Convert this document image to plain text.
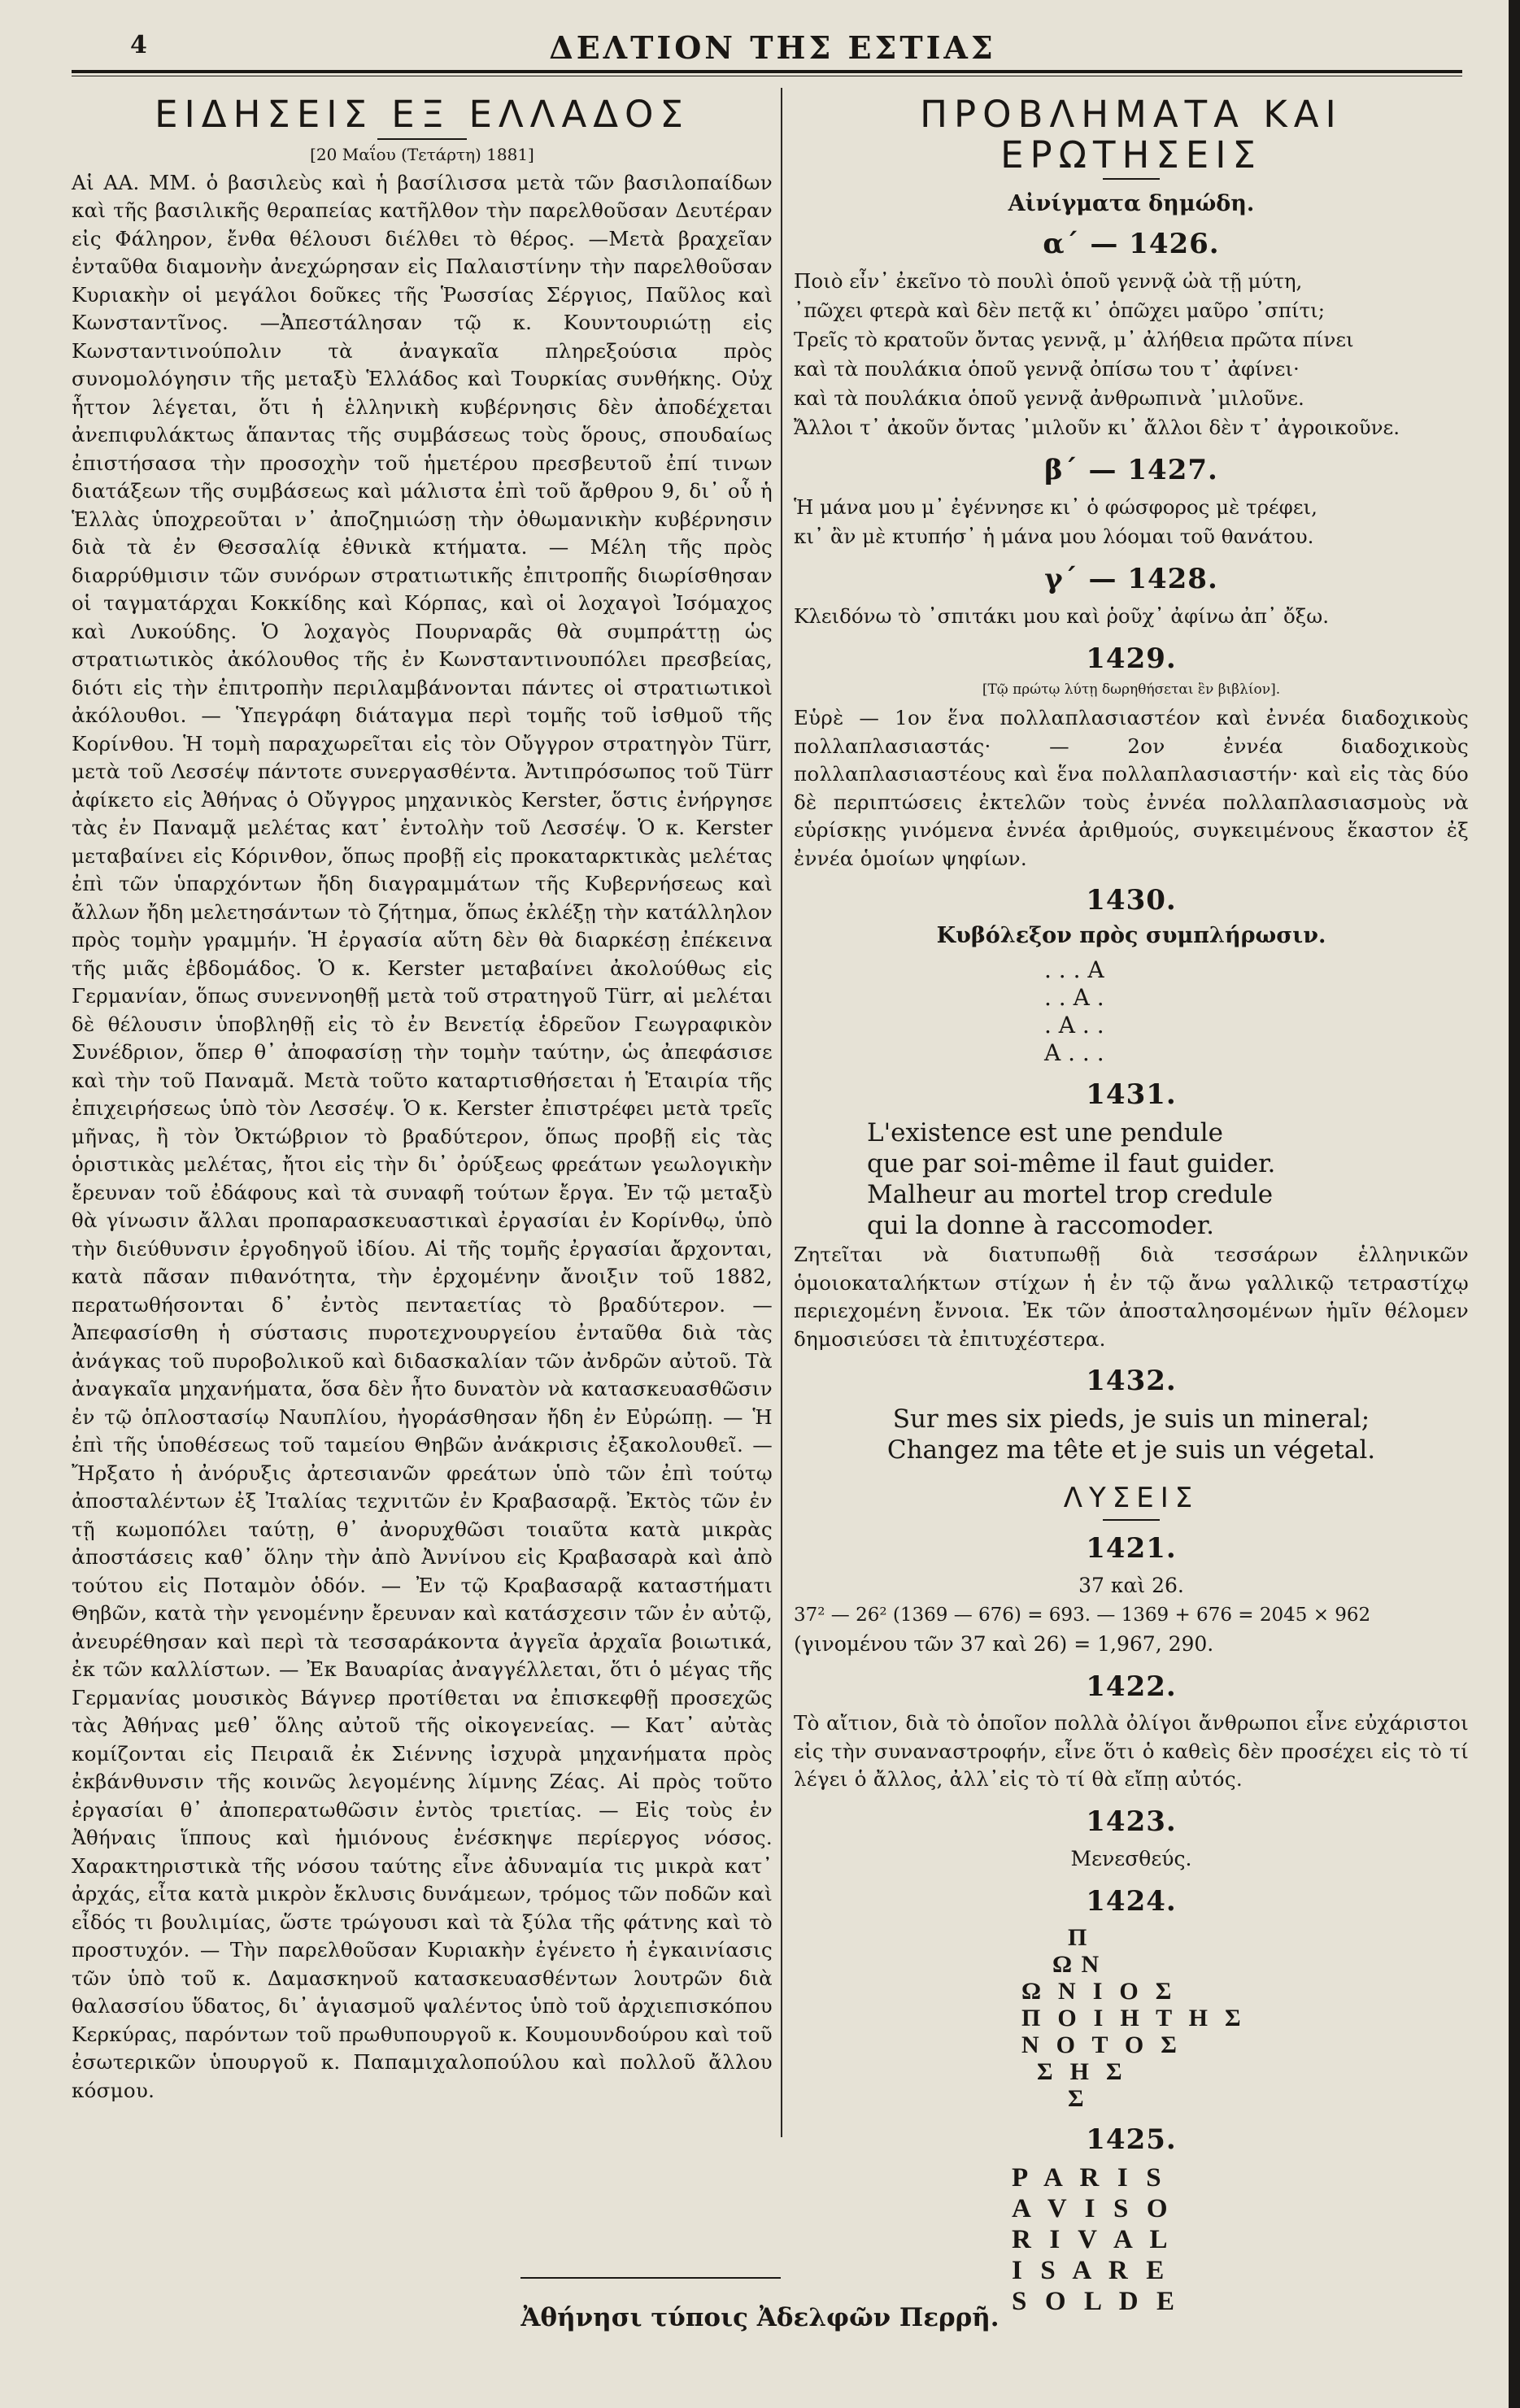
4	ΔΕΛΤΙΟΝ ΤΗΣ ΕΣΤΙΑΣ
ΕΙΔΗΣΕΙΣ ΕΞ ΕΛΛΑΔΟΣ
[20 Μαΐου (Τετάρτη) 1881]
Αἱ ΑΑ. ΜΜ. ὁ βασιλεὺς καὶ ἡ βασίλισσα μετὰ τῶν βασιλοπαίδων καὶ τῆς βασιλικῆς θεραπείας κατῆλθον τὴν παρελθοῦσαν Δευτέραν εἰς Φάληρον, ἔνθα θέλουσι διέλθει τὸ θέρος. —Μετὰ βραχεῖαν ἐνταῦθα διαμονὴν ἀνεχώρησαν εἰς Παλαιστίνην τὴν παρελθοῦσαν Κυριακὴν οἱ μεγάλοι δοῦκες τῆς Ῥωσσίας Σέργιος, Παῦλος καὶ Κωνσταντῖνος. —Ἀπεστάλησαν τῷ κ. Κουντουριώτῃ εἰς Κωνσταντινούπολιν τὰ ἀναγκαῖα πληρεξούσια πρὸς συνομολόγησιν τῆς μεταξὺ Ἑλλάδος καὶ Τουρκίας συνθήκης. Οὐχ ἧττον λέγεται, ὅτι ἡ ἑλληνικὴ κυβέρνησις δὲν ἀποδέχεται ἀνεπιφυλάκτως ἅπαντας τῆς συμβάσεως τοὺς ὅρους, σπουδαίως ἐπιστήσασα τὴν προσοχὴν τοῦ ἡμετέρου πρεσβευτοῦ ἐπί τινων διατάξεων τῆς συμβάσεως καὶ μάλιστα ἐπὶ τοῦ ἄρθρου 9, δι᾽ οὗ ἡ Ἑλλὰς ὑποχρεοῦται ν᾽ ἀποζημιώσῃ τὴν ὀθωμανικὴν κυβέρνησιν διὰ τὰ ἐν Θεσσαλίᾳ ἐθνικὰ κτήματα. — Μέλη τῆς πρὸς διαρρύθμισιν τῶν συνόρων στρατιωτικῆς ἐπιτροπῆς διωρίσθησαν οἱ ταγματάρχαι Κοκκίδης καὶ Κόρπας, καὶ οἱ λοχαγοὶ Ἰσόμαχος καὶ Λυκούδης. Ὁ λοχαγὸς Πουρναρᾶς θὰ συμπράττῃ ὡς στρατιωτικὸς ἀκόλουθος τῆς ἐν Κωνσταντινουπόλει πρεσβείας, διότι εἰς τὴν ἐπιτροπὴν περιλαμβάνονται πάντες οἱ στρατιωτικοὶ ἀκόλουθοι. — Ὑπεγράφη διάταγμα περὶ τομῆς τοῦ ἰσθμοῦ τῆς Κορίνθου. Ἡ τομὴ παραχωρεῖται εἰς τὸν Οὔγγρον στρατηγὸν Türr, μετὰ τοῦ Λεσσέψ πάντοτε συνεργασθέντα. Ἀντιπρόσωπος τοῦ Türr ἀφίκετο εἰς Ἀθήνας ὁ Οὔγγρος μηχανικὸς Kerster, ὅστις ἐνήργησε τὰς ἐν Παναμᾷ μελέτας κατ᾽ ἐντολὴν τοῦ Λεσσέψ. Ὁ κ. Kerster μεταβαίνει εἰς Κόρινθον, ὅπως προβῇ εἰς προκαταρκτικὰς μελέτας ἐπὶ τῶν ὑπαρχόντων ἤδη διαγραμμάτων τῆς Κυβερνήσεως καὶ ἄλλων ἤδη μελετησάντων τὸ ζήτημα, ὅπως ἐκλέξῃ τὴν κατάλληλον πρὸς τομὴν γραμμήν. Ἡ ἐργασία αὕτη δὲν θὰ διαρκέσῃ ἐπέκεινα τῆς μιᾶς ἑβδομάδος. Ὁ κ. Kerster μεταβαίνει ἀκολούθως εἰς Γερμανίαν, ὅπως συνεννοηθῇ μετὰ τοῦ στρατηγοῦ Türr, αἱ μελέται δὲ θέλουσιν ὑποβληθῇ εἰς τὸ ἐν Βενετίᾳ ἑδρεῦον Γεωγραφικὸν Συνέδριον, ὅπερ θ᾽ ἀποφασίσῃ τὴν τομὴν ταύτην, ὡς ἀπεφάσισε καὶ τὴν τοῦ Παναμᾶ. Μετὰ τοῦτο καταρτισθήσεται ἡ Ἑταιρία τῆς ἐπιχειρήσεως ὑπὸ τὸν Λεσσέψ. Ὁ κ. Kerster ἐπιστρέφει μετὰ τρεῖς μῆνας, ἢ τὸν Ὀκτώβριον τὸ βραδύτερον, ὅπως προβῇ εἰς τὰς ὁριστικὰς μελέτας, ἤτοι εἰς τὴν δι᾽ ὀρύξεως φρεάτων γεωλογικὴν ἔρευναν τοῦ ἐδάφους καὶ τὰ συναφῆ τούτων ἔργα. Ἐν τῷ μεταξὺ θὰ γίνωσιν ἄλλαι προπαρασκευαστικαὶ ἐργασίαι ἐν Κορίνθῳ, ὑπὸ τὴν διεύθυνσιν ἐργοδηγοῦ ἰδίου. Αἱ τῆς τομῆς ἐργασίαι ἄρχονται, κατὰ πᾶσαν πιθανότητα, τὴν ἐρχομένην ἄνοιξιν τοῦ 1882, περατωθήσονται δ᾽ ἐντὸς πενταετίας τὸ βραδύτερον. — Ἀπεφασίσθη ἡ σύστασις πυροτεχνουργείου ἐνταῦθα διὰ τὰς ἀνάγκας τοῦ πυροβολικοῦ καὶ διδασκαλίαν τῶν ἀνδρῶν αὐτοῦ. Τὰ ἀναγκαῖα μηχανήματα, ὅσα δὲν ἦτο δυνατὸν νὰ κατασκευασθῶσιν ἐν τῷ ὁπλοστασίῳ Ναυπλίου, ἠγοράσθησαν ἤδη ἐν Εὐρώπῃ. — Ἡ ἐπὶ τῆς ὑποθέσεως τοῦ ταμείου Θηβῶν ἀνάκρισις ἐξακολουθεῖ. — Ἤρξατο ἡ ἀνόρυξις ἀρτεσιανῶν φρεάτων ὑπὸ τῶν ἐπὶ τούτῳ ἀποσταλέντων ἐξ Ἰταλίας τεχνιτῶν ἐν Κραβασαρᾷ. Ἐκτὸς τῶν ἐν τῇ κωμοπόλει ταύτῃ, θ᾽ ἀνορυχθῶσι τοιαῦτα κατὰ μικρὰς ἀποστάσεις καθ᾽ ὅλην τὴν ἀπὸ Ἀννίνου εἰς Κραβασαρὰ καὶ ἀπὸ τούτου εἰς Ποταμὸν ὁδόν. — Ἐν τῷ Κραβασαρᾷ καταστήματι Θηβῶν, κατὰ τὴν γενομένην ἔρευναν καὶ κατάσχεσιν τῶν ἐν αὐτῷ, ἀνευρέθησαν καὶ περὶ τὰ τεσσαράκοντα ἀγγεῖα ἀρχαῖα βοιωτικά, ἐκ τῶν καλλίστων. — Ἐκ Βαυαρίας ἀναγγέλλεται, ὅτι ὁ μέγας τῆς Γερμανίας μουσικὸς Βάγνερ προτίθεται να ἐπισκεφθῇ προσεχῶς τὰς Ἀθήνας μεθ᾽ ὅλης αὐτοῦ τῆς οἰκογενείας. — Κατ᾽ αὐτὰς κομίζονται εἰς Πειραιᾶ ἐκ Σιέννης ἰσχυρὰ μηχανήματα πρὸς ἐκβάνθυνσιν τῆς κοινῶς λεγομένης λίμνης Ζέας. Αἱ πρὸς τοῦτο ἐργασίαι θ᾽ ἀποπερατωθῶσιν ἐντὸς τριετίας. — Εἰς τοὺς ἐν Ἀθήναις ἵππους καὶ ἡμιόνους ἐνέσκηψε περίεργος νόσος. Χαρακτηριστικὰ τῆς νόσου ταύτης εἶνε ἀδυναμία τις μικρὰ κατ᾽ ἀρχάς, εἶτα κατὰ μικρὸν ἔκλυσις δυνάμεων, τρόμος τῶν ποδῶν καὶ εἶδός τι βουλιμίας, ὥστε τρώγουσι καὶ τὰ ξύλα τῆς φάτνης καὶ τὸ προστυχόν. — Τὴν παρελθοῦσαν Κυριακὴν ἐγένετο ἡ ἐγκαινίασις τῶν ὑπὸ τοῦ κ. Δαμασκηνοῦ κατασκευασθέντων λουτρῶν διὰ θαλασσίου ὕδατος, δι᾽ ἁγιασμοῦ ψαλέντος ὑπὸ τοῦ ἀρχιεπισκόπου Κερκύρας, παρόντων τοῦ πρωθυπουργοῦ κ. Κουμουνδούρου καὶ τοῦ ἐσωτερικῶν ὑπουργοῦ κ. Παπαμιχαλοπούλου καὶ πολλοῦ ἄλλου κόσμου.
ΠΡΟΒΛΗΜΑΤΑ ΚΑΙ ΕΡΩΤΗΣΕΙΣ
Αἰνίγματα δημώδη.
α΄ — 1426.
Ποιὸ εἶν᾽ ἐκεῖνο τὸ πουλὶ ὁποῦ γεννᾷ ὠὰ τῇ μύτη,
᾽πῶχει φτερὰ καὶ δὲν πετᾷ κι᾽ ὁπῶχει μαῦρο ᾽σπίτι;
Τρεῖς τὸ κρατοῦν ὄντας γεννᾷ, μ᾽ ἀλήθεια πρῶτα πίνει
καὶ τὰ πουλάκια ὁποῦ γεννᾷ ὀπίσω του τ᾽ ἀφίνει·
καὶ τὰ πουλάκια ὁποῦ γεννᾷ ἀνθρωπινὰ ᾽μιλοῦνε.
Ἄλλοι τ᾽ ἀκοῦν ὄντας ᾽μιλοῦν κι᾽ ἄλλοι δὲν τ᾽ ἀγροικοῦνε.
β΄ — 1427.
Ἡ μάνα μου μ᾽ ἐγέννησε κι᾽ ὁ φώσφορος μὲ τρέφει,
κι᾽ ἂν μὲ κτυπήσ᾽ ἡ μάνα μου λόομαι τοῦ θανάτου.
γ΄ — 1428.
Κλειδόνω τὸ ᾽σπιτάκι μου καὶ ῥοῦχ᾽ ἀφίνω ἀπ᾽ ὄξω.
1429.
[Τῷ πρώτῳ λύτῃ δωρηθήσεται ἓν βιβλίον].
Εὑρὲ — 1ον ἕνα πολλαπλασιαστέον καὶ ἐννέα διαδοχικοὺς πολλαπλασιαστάς· — 2ον ἐννέα διαδοχικοὺς πολλαπλασιαστέους καὶ ἕνα πολλαπλασιαστήν· καὶ εἰς τὰς δύο δὲ περιπτώσεις ἐκτελῶν τοὺς ἐννέα πολλαπλασιασμοὺς νὰ εὑρίσκῃς γινόμενα ἐννέα ἀριθμούς, συγκειμένους ἕκαστον ἐξ ἐννέα ὁμοίων ψηφίων.
1430.
Κυβόλεξον πρὸς συμπλήρωσιν.
. . . Α
. . Α .
. Α . .
Α . . .
1431.
L'existence est une pendule
que par soi-même il faut guider.
Malheur au mortel trop credule
qui la donne à raccomoder.
Ζητεῖται νὰ διατυπωθῇ διὰ τεσσάρων ἑλληνικῶν ὁμοιοκαταλήκτων στίχων ἡ ἐν τῷ ἄνω γαλλικῷ τετραστίχῳ περιεχομένη ἔννοια. Ἐκ τῶν ἀποσταλησομένων ἡμῖν θέλομεν δημοσιεύσει τὰ ἐπιτυχέστερα.
1432.
Sur mes six pieds, je suis un mineral;
Changez ma tête et je suis un végetal.
ΛΥΣΕΙΣ
1421.
37 καὶ 26.
37² — 26² (1369 — 676) = 693. — 1369 + 676 = 2045 × 962
(γινομένου τῶν 37 καὶ 26) = 1,967, 290.
1422.
Τὸ αἴτιον, διὰ τὸ ὁποῖον πολλὰ ὀλίγοι ἄνθρωποι εἶνε εὐχάριστοι εἰς τὴν συναναστροφήν, εἶνε ὅτι ὁ καθεὶς δὲν προσέχει εἰς τὸ τί λέγει ὁ ἄλλος, ἀλλ᾽εἰς τὸ τί θὰ εἴπῃ αὐτός.
1423.
Μενεσθεύς.
1424.
Π
Ω Ν
Ω  Ν  Ι  Ο  Σ
Π  Ο  Ι  Η  Τ  Η  Σ
Ν  Ο  Τ  Ο  Σ
Σ  Η  Σ
Σ
1425.
P  A  R  I  S
A  V  I  S  O
R  I  V  A  L
I  S  A  R  E
S  O  L  D  E
Ἀθήνησι τύποις Ἀδελφῶν Περρῆ.
